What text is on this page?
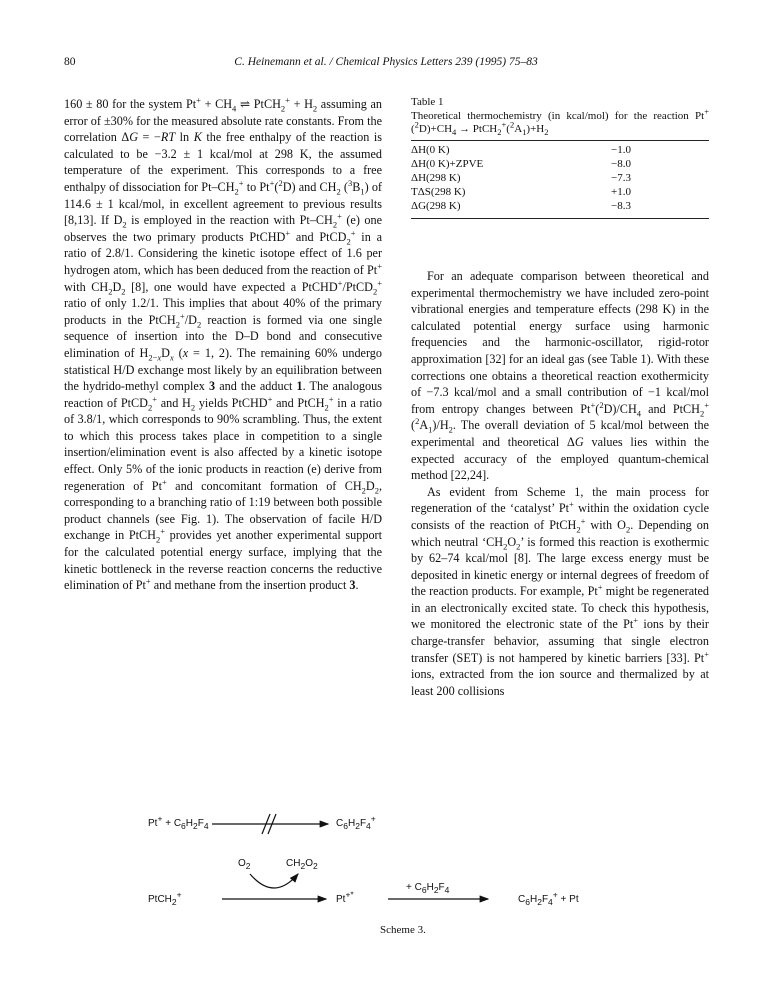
80	C. Heinemann et al. / Chemical Physics Letters 239 (1995) 75–83

160 ± 80 for the system $Pt^+ + CH_4$ ⇌ PtCH$_2$+ + $H_2$ assuming an error of ±30% for the measured absolute rate constants. From the correlation ΔG = −RT ln K the free enthalpy of the reaction is calculated to be −3.2 ± 1 kcal/mol at 298 K, the assumed temperature of the experiment. This corresponds to a free enthalpy of dissociation for $Pt-CH_2^+$ to Pt+($^2$D) and $CH_2$ $(^3B_1)$ of 114.6 ± 1 kcal/mol, in excellent agreement to previous results [8,13]. If $D_2$ is employed in the reaction with $Pt-CH_2^+$ (e) one observes the two primary products PtCHD+ and PtCD$_2$+ in a ratio of 2.8/1. Considering the kinetic isotope effect of 1.6 per hydrogen atom, which has been deduced from the reaction of Pt+ with $CH_2D_2$ [8], one would have expected a PtCHD+/PtCD$_2$+ ratio of only 1.2/1. This implies that about 40% of the primary products in the $PtCH_2^+/D_2$ reaction is formed via one single sequence of insertion into the D–D bond and consecutive elimination of $H_{2-x}D_x$ (x = 1, 2). The remaining 60% undergo statistical H/D exchange most likely by an equilibration between the hydrido-methyl complex 3 and the adduct 1. The analogous reaction of PtCD$_2$+ and $H_2$ yields PtCHD+ and PtCH$_2$+ in a ratio of 3.8/1, which corresponds to 90% scrambling. Thus, the extent to which this process takes place in competition to a single insertion/elimination event is also affected by a kinetic isotope effect. Only 5% of the ionic products in reaction (e) derive from regeneration of Pt+ and concomitant formation of $CH_2D_2$, corresponding to a branching ratio of 1:19 between both possible product channels (see Fig. 1). The observation of facile H/D exchange in PtCH$_2$+ provides yet another experimental support for the calculated potential energy surface, implying that the kinetic bottleneck in the reverse reaction concerns the reductive elimination of Pt+ and methane from the insertion product 3.

Table 1

Theoretical thermochemistry (in kcal/mol) for the reaction $Pt^+(^2D)+CH_4$ → $PtCH_2^+(^2A_1)+H_2$

ΔH(0 K)	−1.0
ΔH(0 K)+ZPVE	−8.0
ΔH(298 K)	−7.3
TΔS(298 K)	+1.0
ΔG(298 K)	−8.3

For an adequate comparison between theoretical and experimental thermochemistry we have included zero-point vibrational energies and temperature effects (298 K) in the calculated potential energy surface using harmonic frequencies and the harmonic-oscillator, rigid-rotor approximation [32] for an ideal gas (see Table 1). With these corrections one obtains a theoretical reaction exothermicity of −7.3 kcal/mol and a small contribution of −1 kcal/mol from entropy changes between $Pt^+(^2D)/CH_4$ and $PtCH_2^+(^2A_1)/H_2$. The overall deviation of 5 kcal/mol between the experimental and theoretical ΔG values lies within the expected accuracy of the employed quantum-chemical method [22,24].

As evident from Scheme 1, the main process for regeneration of the ‘catalyst’ Pt+ within the oxidation cycle consists of the reaction of PtCH$_2$+ with $O_2$. Depending on which neutral ‘$CH_2O_2$’ is formed this reaction is exothermic by 62–74 kcal/mol [8]. The large excess energy must be deposited in kinetic energy or internal degrees of freedom of the reaction products. For example, Pt+ might be regenerated in an electronically excited state. To check this hypothesis, we monitored the electronic state of the Pt+ ions by their charge-transfer behavior, assuming that single electron transfer (SET) is not hampered by kinetic barriers [33]. Pt+ ions, extracted from the ion source and thermalized by at least 200 collisions

$Pt^+ + C_6H_2F_4$	$C_6H_2F_4^+$
$O_2$	$CH_2O_2$
PtCH$_2$+	Pt+*
+ $C_6H_2F_4$
$C_6H_2F_4^+ + Pt$
Scheme 3.
